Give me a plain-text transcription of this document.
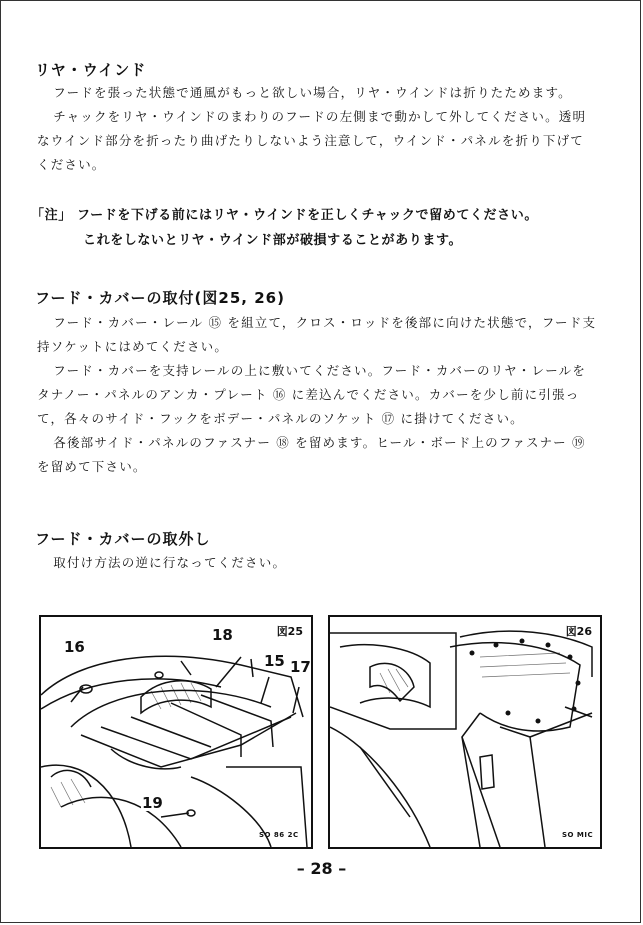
リヤ・ウインド

フードを張った状態で通風がもっと欲しい場合，リヤ・ウインドは折りたためます。

チャックをリヤ・ウインドのまわりのフードの左側まで動かして外してください。透明なウインド部分を折ったり曲げたりしないよう注意して，ウインド・パネルを折り下げてください。

「注」 フードを下げる前にはリヤ・ウインドを正しくチャックで留めてください。
これをしないとリヤ・ウインド部が破損することがあります。
フード・カバーの取付(図25, 26)

フード・カバー・レール ⑮ を組立て，クロス・ロッドを後部に向けた状態で，フード支持ソケットにはめてください。

フード・カバーを支持レールの上に敷いてください。フード・カバーのリヤ・レールをタナノー・パネルのアンカ・プレート ⑯ に差込んでください。カバーを少し前に引張って，各々のサイド・フックをボデー・パネルのソケット ⑰ に掛けてください。

各後部サイド・パネルのファスナー ⑱ を留めます。ヒール・ボード上のファスナー ⑲ を留めて下さい。

フード・カバーの取外し

取付け方法の逆に行なってください。

図25
16
18
15 17
19
SO 86 2C
図26
SO MIC
– 28 –
